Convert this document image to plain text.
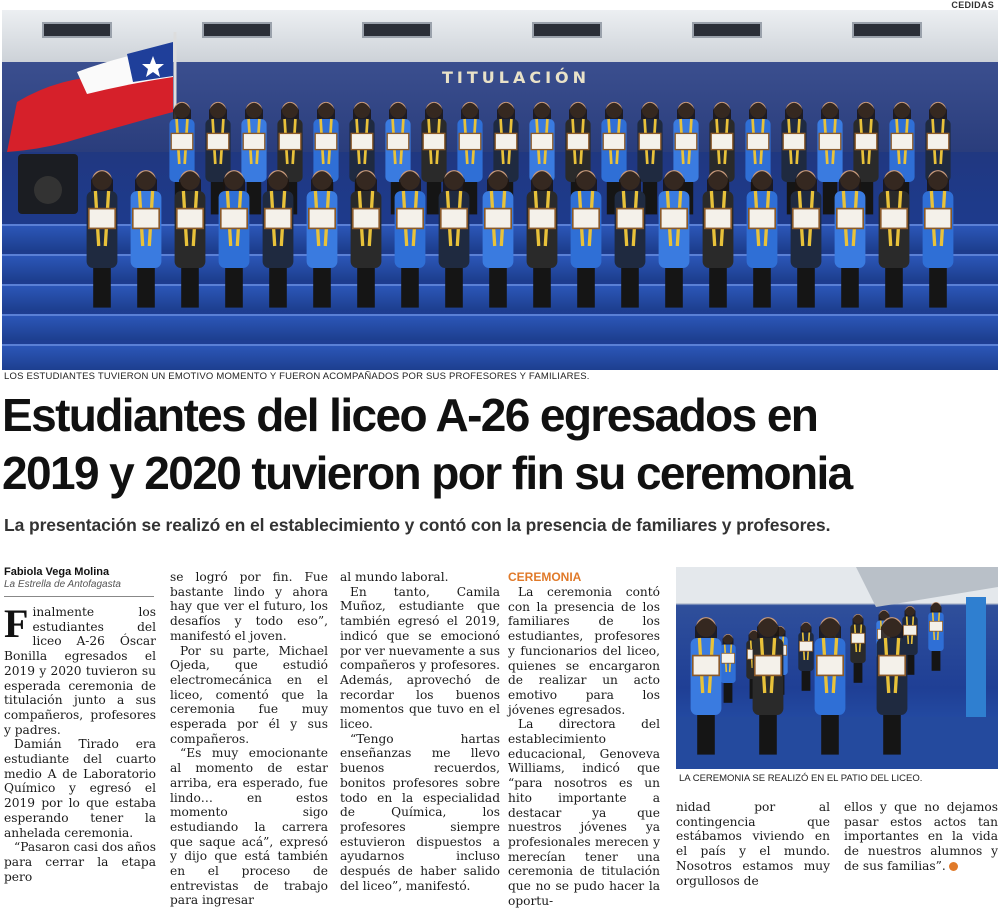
CEDIDAS
TITULACIÓN
LOS ESTUDIANTES TUVIERON UN EMOTIVO MOMENTO Y FUERON ACOMPAÑADOS POR SUS PROFESORES Y FAMILIARES.
Estudiantes del liceo A-26 egresados en
2019 y 2020 tuvieron por fin su ceremonia
La presentación se realizó en el establecimiento y contó con la presencia de familiares y profesores.
Fabiola Vega Molina
La Estrella de Antofagasta

Finalmente los estudiantes del liceo A-26 Óscar Bonilla egresados el 2019 y 2020 tuvieron su esperada ceremonia de titulación junto a sus compañeros, profesores y padres.

Damián Tirado era estudiante del cuarto medio A de Laboratorio Químico y egresó el 2019 por lo que estaba esperando tener la anhelada ceremonia.

“Pasaron casi dos años para cerrar la etapa pero

se logró por fin. Fue bastante lindo y ahora hay que ver el futuro, los desafíos y todo eso”, manifestó el joven.

Por su parte, Michael Ojeda, que estudió electromecánica en el liceo, comentó que la ceremonia fue muy esperada por él y sus compañeros.

“Es muy emocionante al momento de estar arriba, era esperado, fue lindo… en estos momento sigo estudiando la carrera que saque acá”, expresó y dijo que está también en el proceso de entrevistas de trabajo para ingresar

al mundo laboral.

En tanto, Camila Muñoz, estudiante que también egresó el 2019, indicó que se emocionó por ver nuevamente a sus compañeros y profesores. Además, aprovechó de recordar los buenos momentos que tuvo en el liceo.

“Tengo hartas enseñanzas me llevo buenos recuerdos, bonitos profesores sobre todo en la especialidad de Química, los profesores siempre estuvieron dispuestos a ayudarnos incluso después de haber salido del liceo”, manifestó.

CEREMONIA

La ceremonia contó con la presencia de los familiares de los estudiantes, profesores y funcionarios del liceo, quienes se encargaron de realizar un acto emotivo para los jóvenes egresados.

La directora del establecimiento educacional, Genoveva Williams, indicó que “para nosotros es un hito importante a destacar ya que nuestros jóvenes ya profesionales merecen y merecían tener una ceremonia de titulación que no se pudo hacer la oportu-

LA CEREMONIA SE REALIZÓ EN EL PATIO DEL LICEO.

nidad por al contingencia que estábamos viviendo en el país y el mundo. Nosotros estamos muy orgullosos de

ellos y que no dejamos pasar estos actos tan importantes en la vida de nuestros alumnos y de sus familias”.
